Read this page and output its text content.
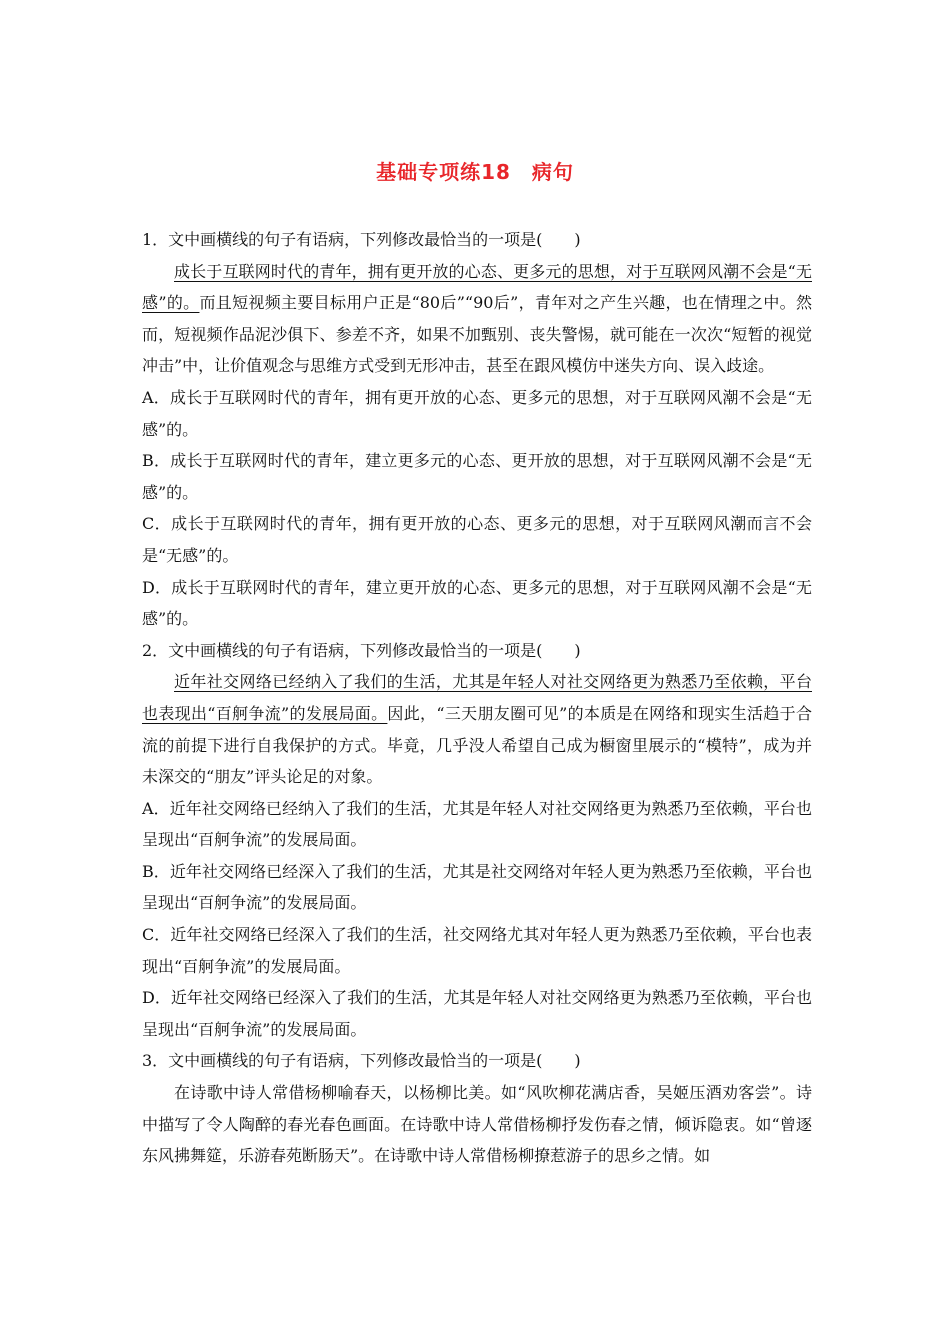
基础专项练18　病句

1．文中画横线的句子有语病，下列修改最恰当的一项是(　　)

成长于互联网时代的青年，拥有更开放的心态、更多元的思想，对于互联网风潮不会是“无感”的。而且短视频主要目标用户正是“80后”“90后”，青年对之产生兴趣，也在情理之中。然而，短视频作品泥沙俱下、参差不齐，如果不加甄别、丧失警惕，就可能在一次次“短暂的视觉冲击”中，让价值观念与思维方式受到无形冲击，甚至在跟风模仿中迷失方向、误入歧途。

A．成长于互联网时代的青年，拥有更开放的心态、更多元的思想，对于互联网风潮不会是“无感”的。

B．成长于互联网时代的青年，建立更多元的心态、更开放的思想，对于互联网风潮不会是“无感”的。

C．成长于互联网时代的青年，拥有更开放的心态、更多元的思想，对于互联网风潮而言不会是“无感”的。

D．成长于互联网时代的青年，建立更开放的心态、更多元的思想，对于互联网风潮不会是“无感”的。

2．文中画横线的句子有语病，下列修改最恰当的一项是(　　)

近年社交网络已经纳入了我们的生活，尤其是年轻人对社交网络更为熟悉乃至依赖，平台也表现出“百舸争流”的发展局面。因此，“三天朋友圈可见”的本质是在网络和现实生活趋于合流的前提下进行自我保护的方式。毕竟，几乎没人希望自己成为橱窗里展示的“模特”，成为并未深交的“朋友”评头论足的对象。

A．近年社交网络已经纳入了我们的生活，尤其是年轻人对社交网络更为熟悉乃至依赖，平台也呈现出“百舸争流”的发展局面。

B．近年社交网络已经深入了我们的生活，尤其是社交网络对年轻人更为熟悉乃至依赖，平台也呈现出“百舸争流”的发展局面。

C．近年社交网络已经深入了我们的生活，社交网络尤其对年轻人更为熟悉乃至依赖，平台也表现出“百舸争流”的发展局面。

D．近年社交网络已经深入了我们的生活，尤其是年轻人对社交网络更为熟悉乃至依赖，平台也呈现出“百舸争流”的发展局面。

3．文中画横线的句子有语病，下列修改最恰当的一项是(　　)

在诗歌中诗人常借杨柳喻春天，以杨柳比美。如“风吹柳花满店香，吴姬压酒劝客尝”。诗中描写了令人陶醉的春光春色画面。在诗歌中诗人常借杨柳抒发伤春之情，倾诉隐衷。如“曾逐东风拂舞筵，乐游春苑断肠天”。在诗歌中诗人常借杨柳撩惹游子的思乡之情。如
